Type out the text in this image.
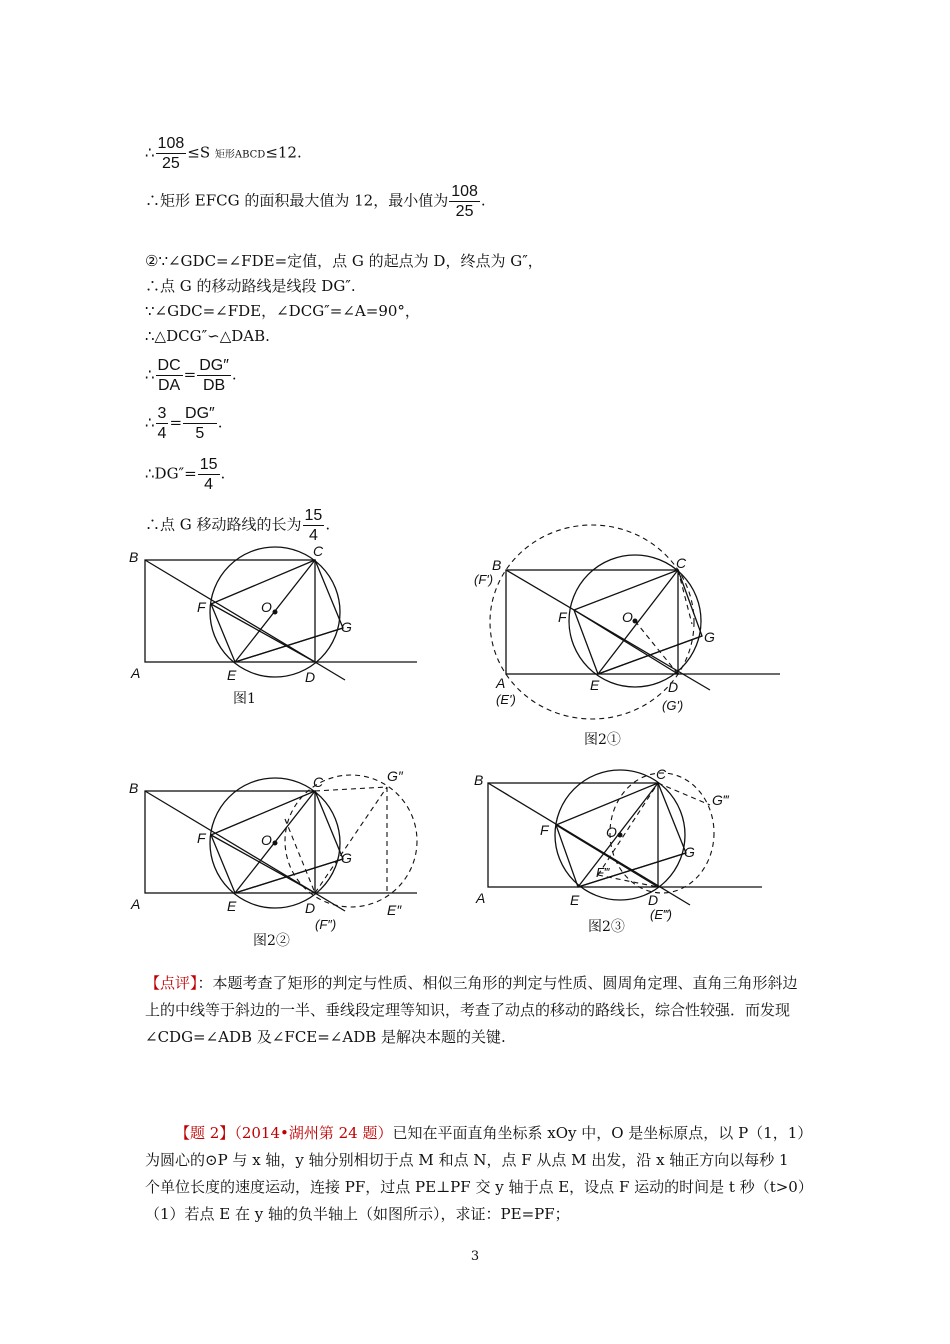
∴ $\frac{108}{25} \le S$ 矩形ABCD≤12.
∴矩形 EFCG 的面积最大值为 12，最小值为 $\frac{108}{25}$ .
②∵∠GDC=∠FDE=定值，点 G 的起点为 D，终点为 G″，
∴点 G 的移动路线是线段 DG″.
∵∠GDC=∠FDE，∠DCG″=∠A=90°，
∴△DCG″∽△DAB.
∴ $\frac{DC}{DA} = \frac{DG''}{DB}$ .
∴ $\frac{3}{4} = \frac{DG''}{5}$ .
∴DG″= $\frac{15}{4}$ .
∴点 G 移动路线的长为 $\frac{15}{4}$ .
B	C
A	D
E
F	O
G
图1
B
(F')
C
A
(E')
D
(G')
E
F	O
G
图2①
B	C	G″
A	D
(F″)
E	E″
F	O
G
图2②
B	C
G‴
A	D
(E‴)
E
F‴
F	O
G
图2③
【点评】：本题考查了矩形的判定与性质、相似三角形的判定与性质、圆周角定理、直角三角形斜边上的中线等于斜边的一半、垂线段定理等知识，考查了动点的移动的路线长，综合性较强．而发现∠CDG=∠ADB 及∠FCE=∠ADB 是解决本题的关键.
【题 2】（2014•湖州第 24 题）已知在平面直角坐标系 xOy 中，O 是坐标原点，以 P（1，1）为圆心的⊙P 与 x 轴，y 轴分别相切于点 M 和点 N，点 F 从点 M 出发，沿 x 轴正方向以每秒 1 个单位长度的速度运动，连接 PF，过点 PE⊥PF 交 y 轴于点 E，设点 F 运动的时间是 t 秒（t>0）
（1）若点 E 在 y 轴的负半轴上（如图所示），求证：PE=PF；
3
